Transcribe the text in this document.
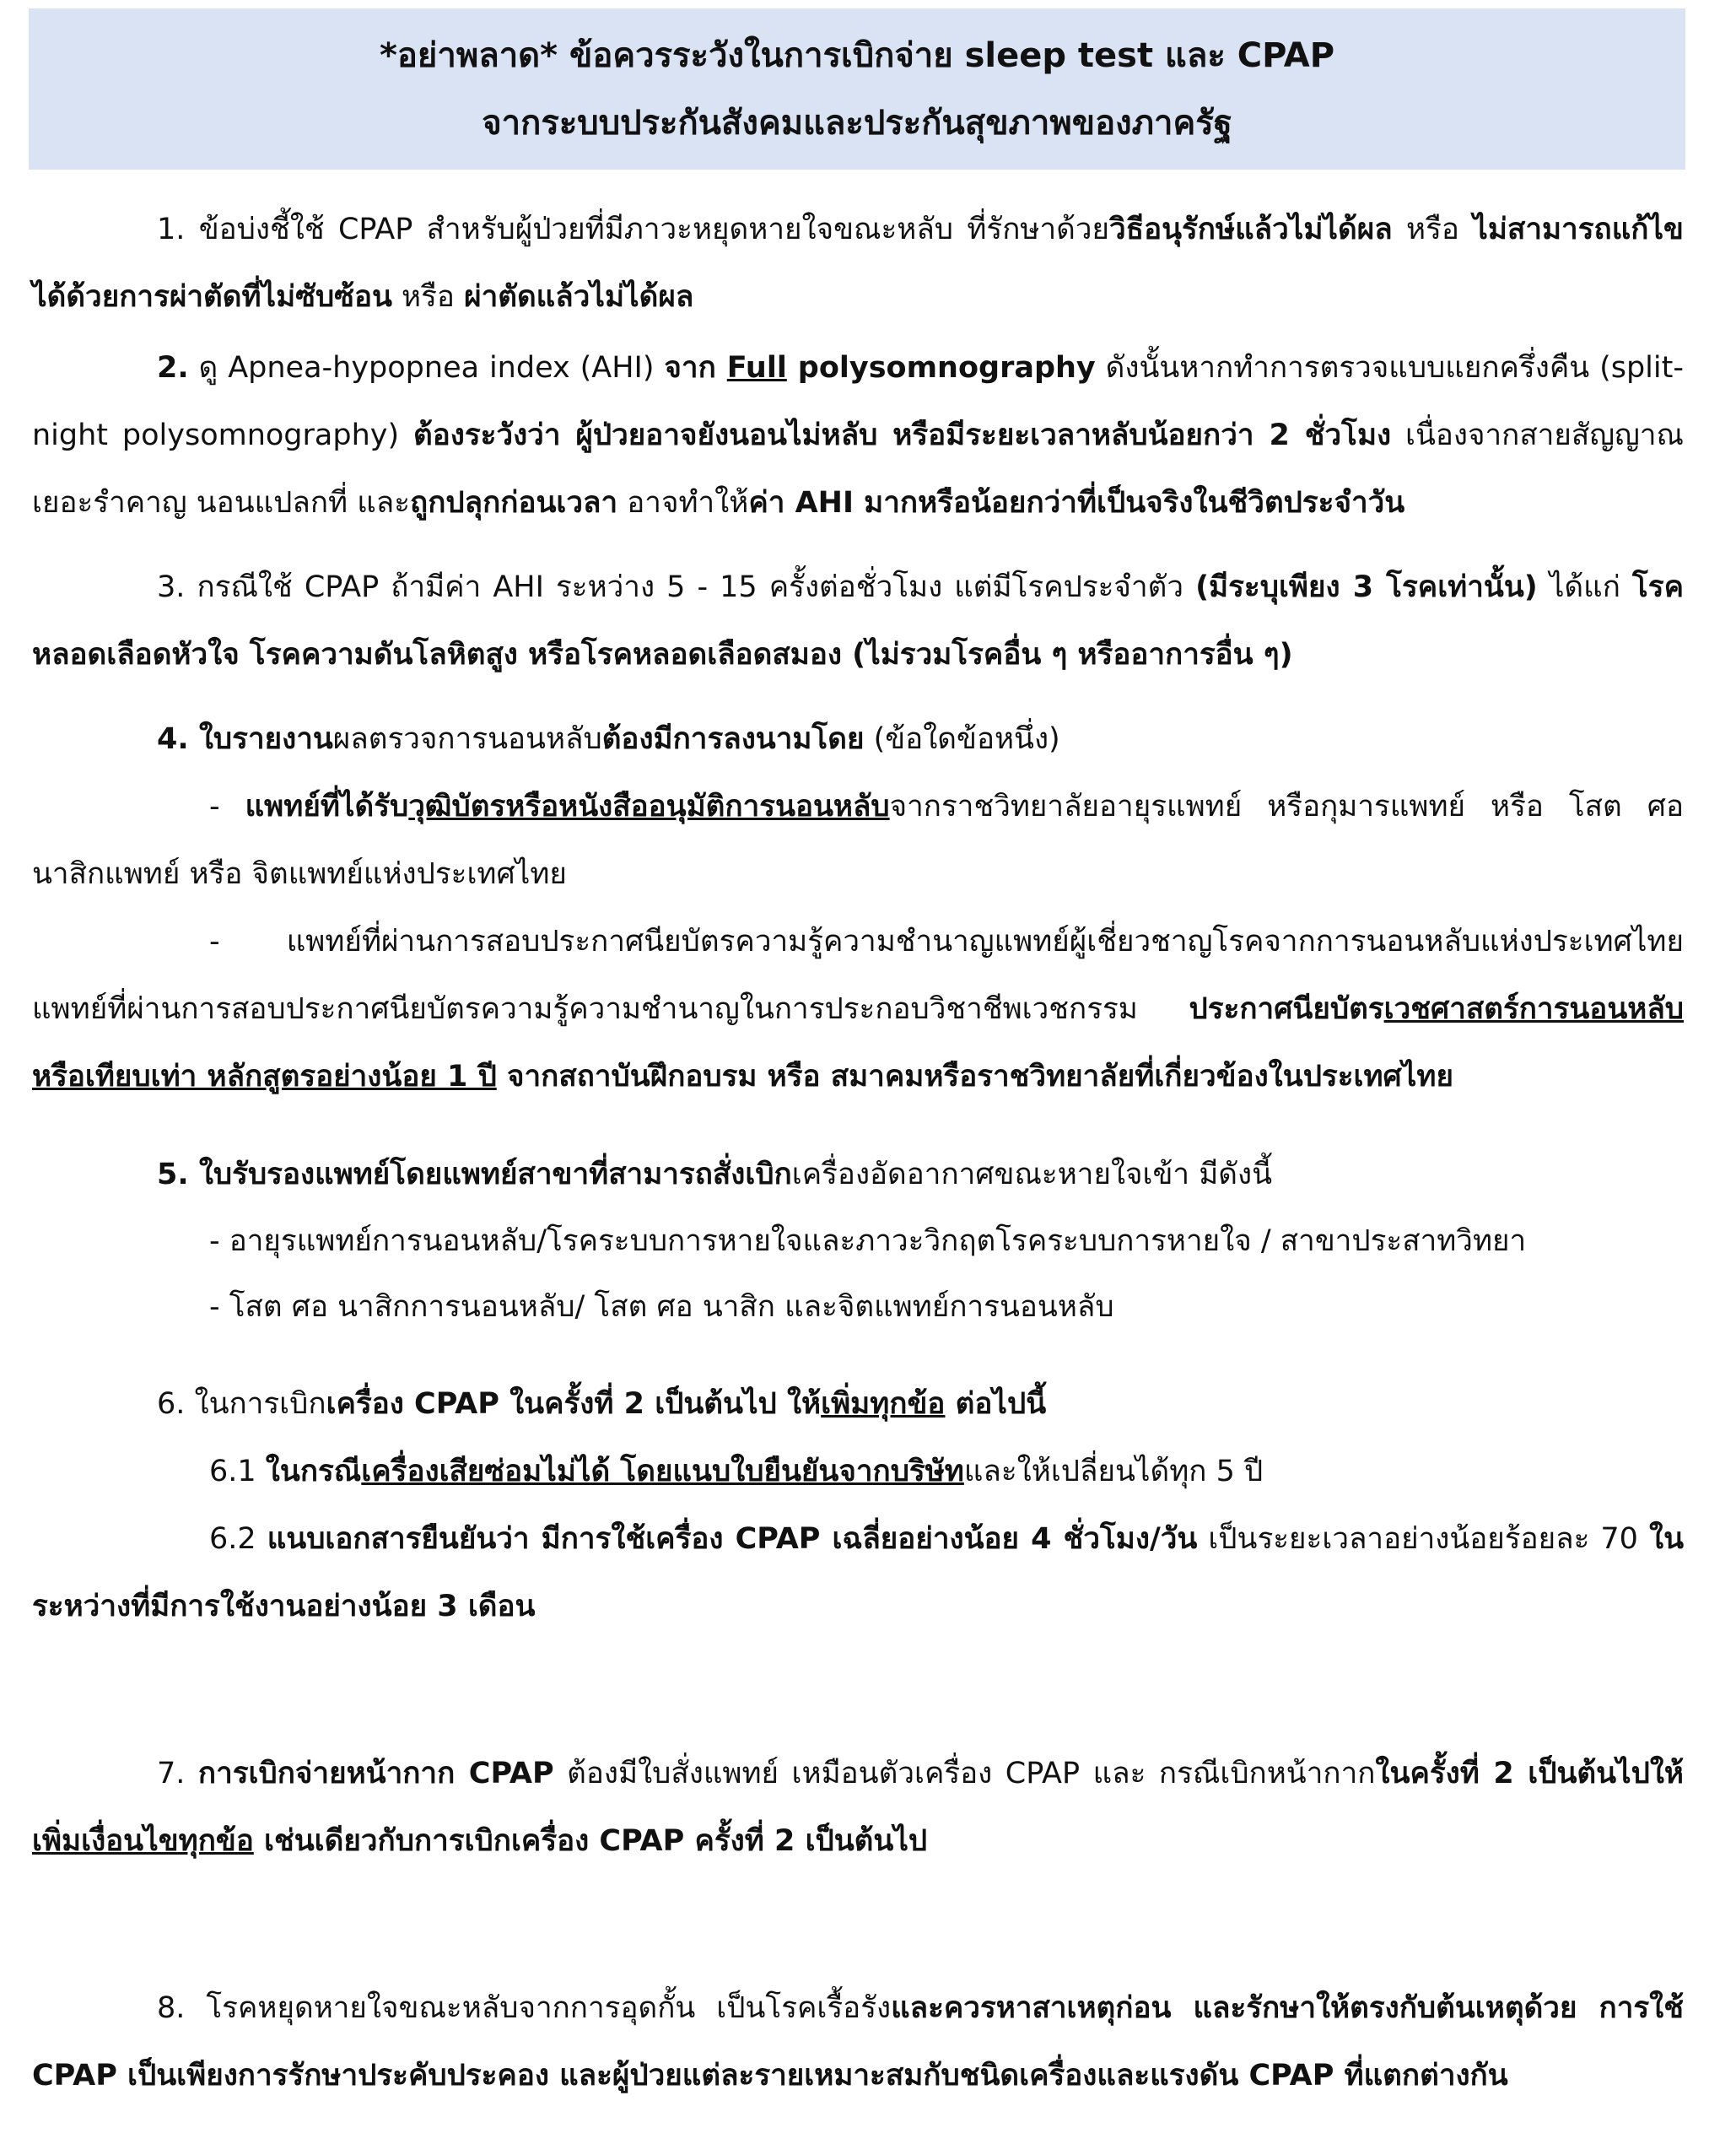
*อย่าพลาด* ข้อควรระวังในการเบิกจ่าย sleep test และ CPAP
จากระบบประกันสังคมและประกันสุขภาพของภาครัฐ

1. ข้อบ่งชี้ใช้ CPAP สำหรับผู้ป่วยที่มีภาวะหยุดหายใจขณะหลับ ที่รักษาด้วยวิธีอนุรักษ์แล้วไม่ได้ผล หรือ ไม่สามารถแก้ไขได้ด้วยการผ่าตัดที่ไม่ซับซ้อน หรือ ผ่าตัดแล้วไม่ได้ผล

2. ดู Apnea-hypopnea index (AHI) จาก Full polysomnography ดังนั้นหากทำการตรวจแบบแยกครึ่งคืน (split-night polysomnography) ต้องระวังว่า ผู้ป่วยอาจยังนอนไม่หลับ หรือมีระยะเวลาหลับน้อยกว่า 2 ชั่วโมง เนื่องจากสายสัญญาณเยอะรำคาญ นอนแปลกที่ และถูกปลุกก่อนเวลา อาจทำให้ค่า AHI มากหรือน้อยกว่าที่เป็นจริงในชีวิตประจำวัน

3. กรณีใช้ CPAP ถ้ามีค่า AHI ระหว่าง 5 - 15 ครั้งต่อชั่วโมง แต่มีโรคประจำตัว (มีระบุเพียง 3 โรคเท่านั้น) ได้แก่ โรคหลอดเลือดหัวใจ โรคความดันโลหิตสูง หรือโรคหลอดเลือดสมอง (ไม่รวมโรคอื่น ๆ หรืออาการอื่น ๆ)

4. ใบรายงานผลตรวจการนอนหลับต้องมีการลงนามโดย (ข้อใดข้อหนึ่ง)

- แพทย์ที่ได้รับวุฒิบัตรหรือหนังสืออนุมัติการนอนหลับจากราชวิทยาลัยอายุรแพทย์ หรือกุมารแพทย์ หรือ โสต ศอ นาสิกแพทย์ หรือ จิตแพทย์แห่งประเทศไทย

- แพทย์ที่ผ่านการสอบประกาศนียบัตรความรู้ความชำนาญแพทย์ผู้เชี่ยวชาญโรคจากการนอนหลับแห่งประเทศไทย แพทย์ที่ผ่านการสอบประกาศนียบัตรความรู้ความชำนาญในการประกอบวิชาชีพเวชกรรม ประกาศนียบัตรเวชศาสตร์การนอนหลับหรือเทียบเท่า หลักสูตรอย่างน้อย 1 ปี จากสถาบันฝึกอบรม หรือ สมาคมหรือราชวิทยาลัยที่เกี่ยวข้องในประเทศไทย

5. ใบรับรองแพทย์โดยแพทย์สาขาที่สามารถสั่งเบิกเครื่องอัดอากาศขณะหายใจเข้า มีดังนี้

- อายุรแพทย์การนอนหลับ/โรคระบบการหายใจและภาวะวิกฤตโรคระบบการหายใจ / สาขาประสาทวิทยา

- โสต ศอ นาสิกการนอนหลับ/ โสต ศอ นาสิก และจิตแพทย์การนอนหลับ

6. ในการเบิกเครื่อง CPAP ในครั้งที่ 2 เป็นต้นไป ให้เพิ่มทุกข้อ ต่อไปนี้

6.1 ในกรณีเครื่องเสียซ่อมไม่ได้ โดยแนบใบยืนยันจากบริษัทและให้เปลี่ยนได้ทุก 5 ปี

6.2 แนบเอกสารยืนยันว่า มีการใช้เครื่อง CPAP เฉลี่ยอย่างน้อย 4 ชั่วโมง/วัน เป็นระยะเวลาอย่างน้อยร้อยละ 70 ในระหว่างที่มีการใช้งานอย่างน้อย 3 เดือน

7. การเบิกจ่ายหน้ากาก CPAP ต้องมีใบสั่งแพทย์ เหมือนตัวเครื่อง CPAP และ กรณีเบิกหน้ากากในครั้งที่ 2 เป็นต้นไปให้เพิ่มเงื่อนไขทุกข้อ เช่นเดียวกับการเบิกเครื่อง CPAP ครั้งที่ 2 เป็นต้นไป

8. โรคหยุดหายใจขณะหลับจากการอุดกั้น เป็นโรคเรื้อรังและควรหาสาเหตุก่อน และรักษาให้ตรงกับต้นเหตุด้วย การใช้ CPAP เป็นเพียงการรักษาประคับประคอง และผู้ป่วยแต่ละรายเหมาะสมกับชนิดเครื่องและแรงดัน CPAP ที่แตกต่างกัน
